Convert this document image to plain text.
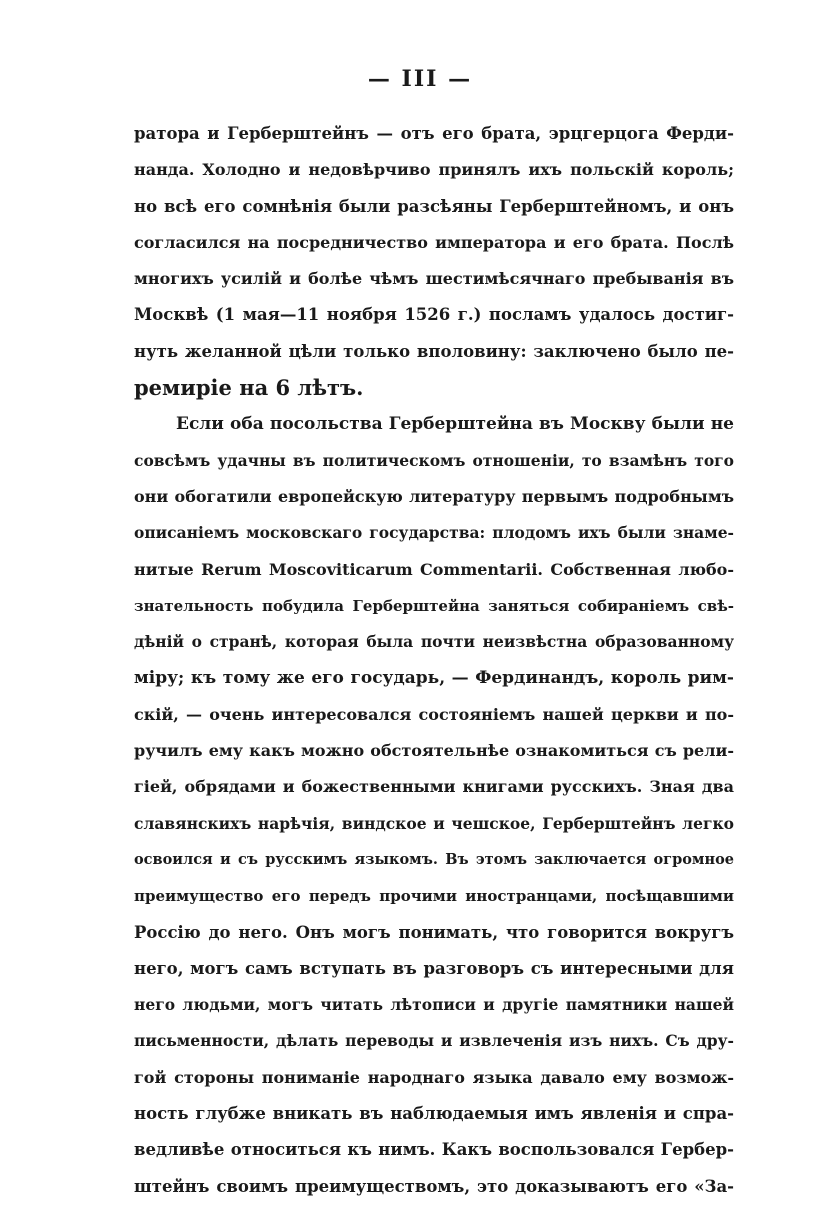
— III —
ратора и Герберштейнъ — отъ его брата, эрцгерцога Ферди-
нанда. Холодно и недовѣрчиво принялъ ихъ польскій король;
но всѣ его сомнѣнія были разсѣяны Герберштейномъ, и онъ
согласился на посредничество императора и его брата. Послѣ
многихъ усилій и болѣе чѣмъ шестимѣсячнаго пребыванія въ
Москвѣ (1 мая—11 ноября 1526 г.) посламъ удалось достиг-
нуть желанной цѣли только вполовину: заключено было пе-
ремиріе на 6 лѣтъ.
Если оба посольства Герберштейна въ Москву были не
совсѣмъ удачны въ политическомъ отношеніи, то взамѣнъ того
они обогатили европейскую литературу первымъ подробнымъ
описаніемъ московскаго государства: плодомъ ихъ были знаме-
нитые Rerum Moscoviticarum Commentarii. Собственная любо-
знательность побудила Герберштейна заняться собираніемъ свѣ-
дѣній о странѣ, которая была почти неизвѣстна образованному
міру; къ тому же его государь, — Фердинандъ, король рим-
скій, — очень интересовался состояніемъ нашей церкви и по-
ручилъ ему какъ можно обстоятельнѣе ознакомиться съ рели-
гіей, обрядами и божественными книгами русскихъ. Зная два
славянскихъ нарѣчія, виндское и чешское, Герберштейнъ легко
освоился и съ русскимъ языкомъ. Въ этомъ заключается огромное
преимущество его передъ прочими иностранцами, посѣщавшими
Россію до него. Онъ могъ понимать, что говорится вокругъ
него, могъ самъ вступать въ разговоръ съ интересными для
него людьми, могъ читать лѣтописи и другіе памятники нашей
письменности, дѣлать переводы и извлеченія изъ нихъ. Съ дру-
гой стороны пониманіе народнаго языка давало ему возмож-
ность глубже вникать въ наблюдаемыя имъ явленія и спра-
ведливѣе относиться къ нимъ. Какъ воспользовался Гербер-
штейнъ своимъ преимуществомъ, это доказываютъ его «За-
